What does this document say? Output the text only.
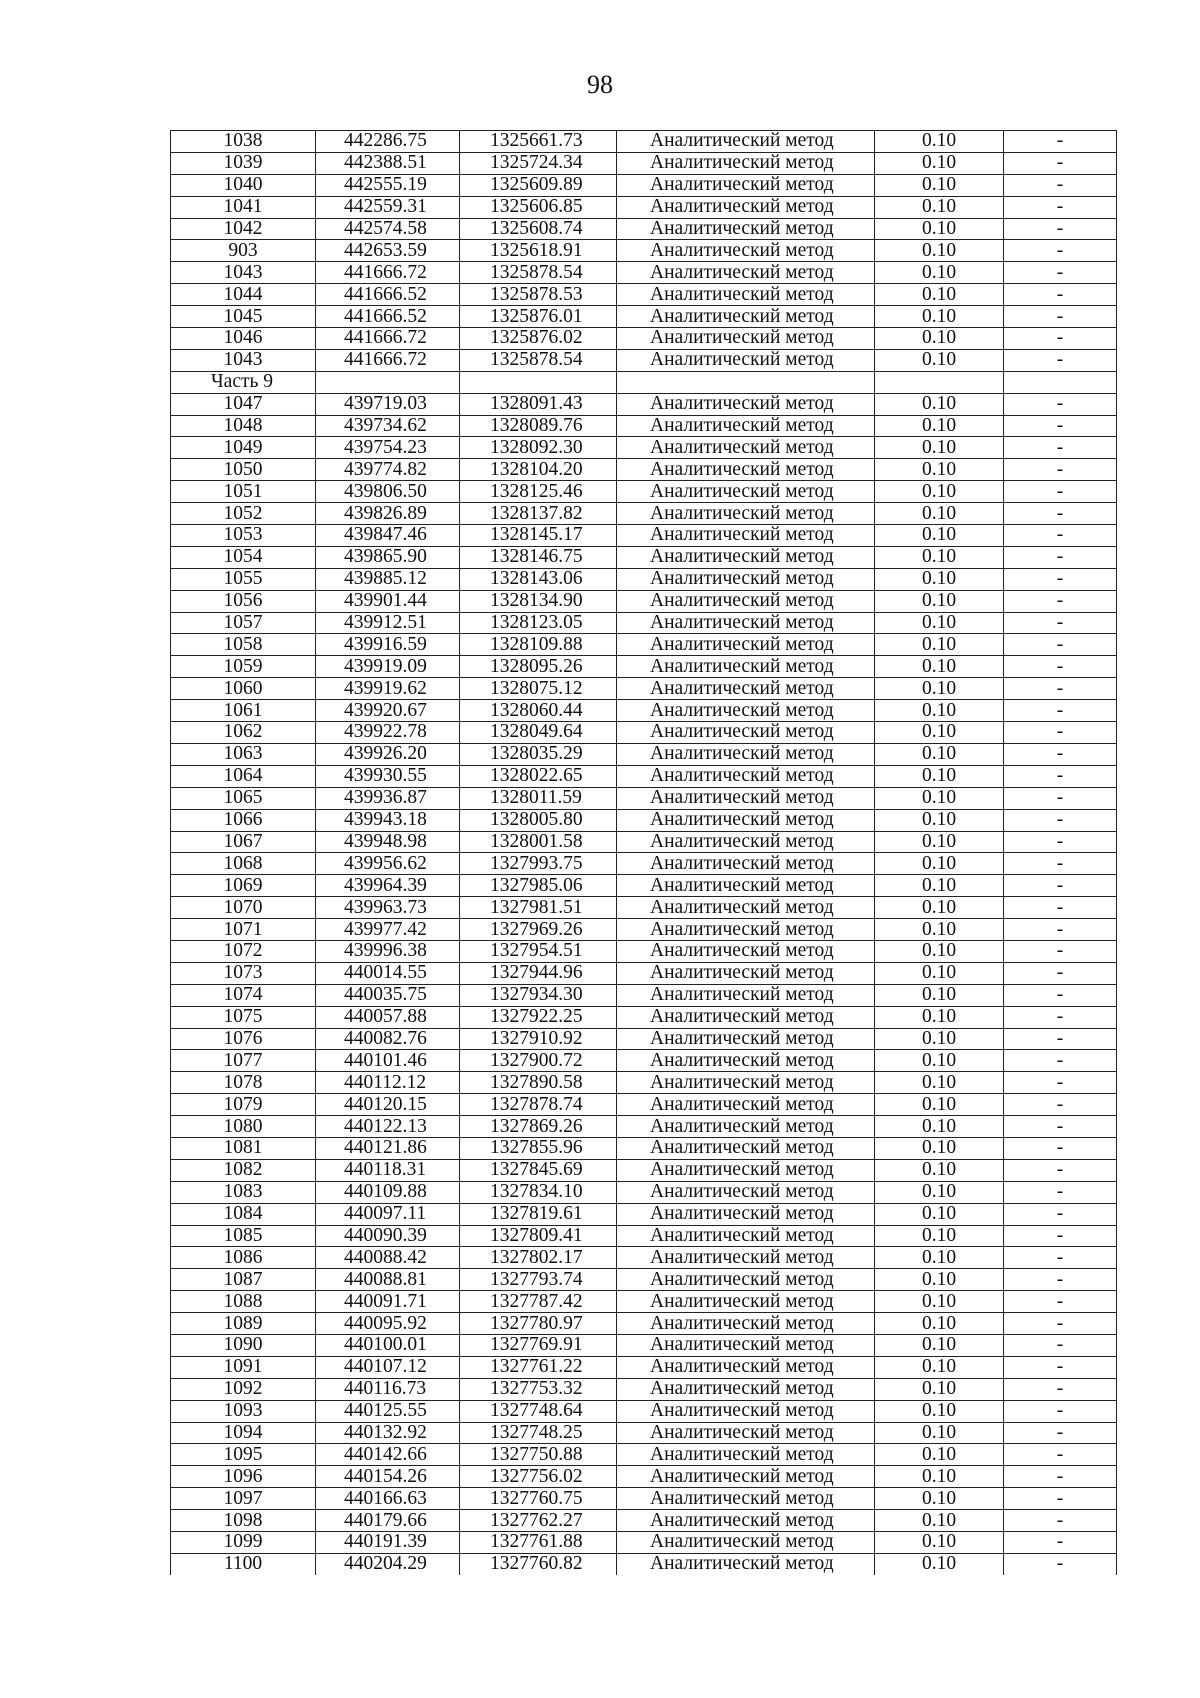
98
1038	442286.75	1325661.73	Аналитический метод	0.10	-
1039	442388.51	1325724.34	Аналитический метод	0.10	-
1040	442555.19	1325609.89	Аналитический метод	0.10	-
1041	442559.31	1325606.85	Аналитический метод	0.10	-
1042	442574.58	1325608.74	Аналитический метод	0.10	-
903	442653.59	1325618.91	Аналитический метод	0.10	-
1043	441666.72	1325878.54	Аналитический метод	0.10	-
1044	441666.52	1325878.53	Аналитический метод	0.10	-
1045	441666.52	1325876.01	Аналитический метод	0.10	-
1046	441666.72	1325876.02	Аналитический метод	0.10	-
1043	441666.72	1325878.54	Аналитический метод	0.10	-
Часть 9					
1047	439719.03	1328091.43	Аналитический метод	0.10	-
1048	439734.62	1328089.76	Аналитический метод	0.10	-
1049	439754.23	1328092.30	Аналитический метод	0.10	-
1050	439774.82	1328104.20	Аналитический метод	0.10	-
1051	439806.50	1328125.46	Аналитический метод	0.10	-
1052	439826.89	1328137.82	Аналитический метод	0.10	-
1053	439847.46	1328145.17	Аналитический метод	0.10	-
1054	439865.90	1328146.75	Аналитический метод	0.10	-
1055	439885.12	1328143.06	Аналитический метод	0.10	-
1056	439901.44	1328134.90	Аналитический метод	0.10	-
1057	439912.51	1328123.05	Аналитический метод	0.10	-
1058	439916.59	1328109.88	Аналитический метод	0.10	-
1059	439919.09	1328095.26	Аналитический метод	0.10	-
1060	439919.62	1328075.12	Аналитический метод	0.10	-
1061	439920.67	1328060.44	Аналитический метод	0.10	-
1062	439922.78	1328049.64	Аналитический метод	0.10	-
1063	439926.20	1328035.29	Аналитический метод	0.10	-
1064	439930.55	1328022.65	Аналитический метод	0.10	-
1065	439936.87	1328011.59	Аналитический метод	0.10	-
1066	439943.18	1328005.80	Аналитический метод	0.10	-
1067	439948.98	1328001.58	Аналитический метод	0.10	-
1068	439956.62	1327993.75	Аналитический метод	0.10	-
1069	439964.39	1327985.06	Аналитический метод	0.10	-
1070	439963.73	1327981.51	Аналитический метод	0.10	-
1071	439977.42	1327969.26	Аналитический метод	0.10	-
1072	439996.38	1327954.51	Аналитический метод	0.10	-
1073	440014.55	1327944.96	Аналитический метод	0.10	-
1074	440035.75	1327934.30	Аналитический метод	0.10	-
1075	440057.88	1327922.25	Аналитический метод	0.10	-
1076	440082.76	1327910.92	Аналитический метод	0.10	-
1077	440101.46	1327900.72	Аналитический метод	0.10	-
1078	440112.12	1327890.58	Аналитический метод	0.10	-
1079	440120.15	1327878.74	Аналитический метод	0.10	-
1080	440122.13	1327869.26	Аналитический метод	0.10	-
1081	440121.86	1327855.96	Аналитический метод	0.10	-
1082	440118.31	1327845.69	Аналитический метод	0.10	-
1083	440109.88	1327834.10	Аналитический метод	0.10	-
1084	440097.11	1327819.61	Аналитический метод	0.10	-
1085	440090.39	1327809.41	Аналитический метод	0.10	-
1086	440088.42	1327802.17	Аналитический метод	0.10	-
1087	440088.81	1327793.74	Аналитический метод	0.10	-
1088	440091.71	1327787.42	Аналитический метод	0.10	-
1089	440095.92	1327780.97	Аналитический метод	0.10	-
1090	440100.01	1327769.91	Аналитический метод	0.10	-
1091	440107.12	1327761.22	Аналитический метод	0.10	-
1092	440116.73	1327753.32	Аналитический метод	0.10	-
1093	440125.55	1327748.64	Аналитический метод	0.10	-
1094	440132.92	1327748.25	Аналитический метод	0.10	-
1095	440142.66	1327750.88	Аналитический метод	0.10	-
1096	440154.26	1327756.02	Аналитический метод	0.10	-
1097	440166.63	1327760.75	Аналитический метод	0.10	-
1098	440179.66	1327762.27	Аналитический метод	0.10	-
1099	440191.39	1327761.88	Аналитический метод	0.10	-
1100	440204.29	1327760.82	Аналитический метод	0.10	-
